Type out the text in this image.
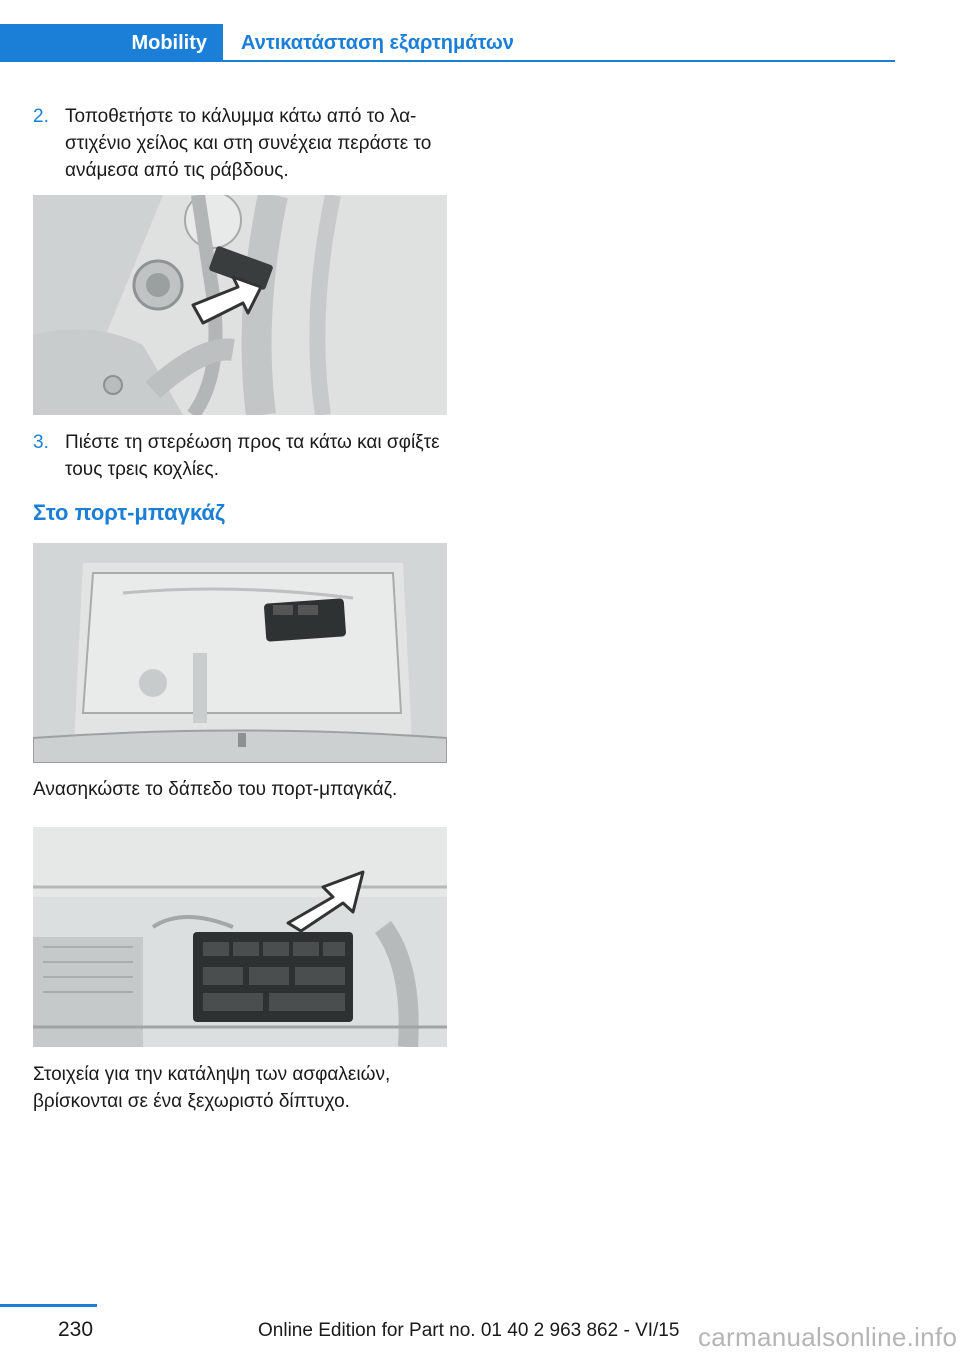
Mobility	Αντικατάσταση εξαρτημάτων
2. Τοποθετήστε το κάλυμμα κάτω από το λα-στιχένιο χείλος και στη συνέχεια περάστε το ανάμεσα από τις ράβδους.
3. Πιέστε τη στερέωση προς τα κάτω και σφίξτε τους τρεις κοχλίες.
Στο πορτ-μπαγκάζ
Ανασηκώστε το δάπεδο του πορτ-μπαγκάζ.
Στοιχεία για την κατάληψη των ασφαλειών, βρίσκονται σε ένα ξεχωριστό δίπτυχο.
230	Online Edition for Part no. 01 40 2 963 862 - VI/15 carmanualsonline.info
